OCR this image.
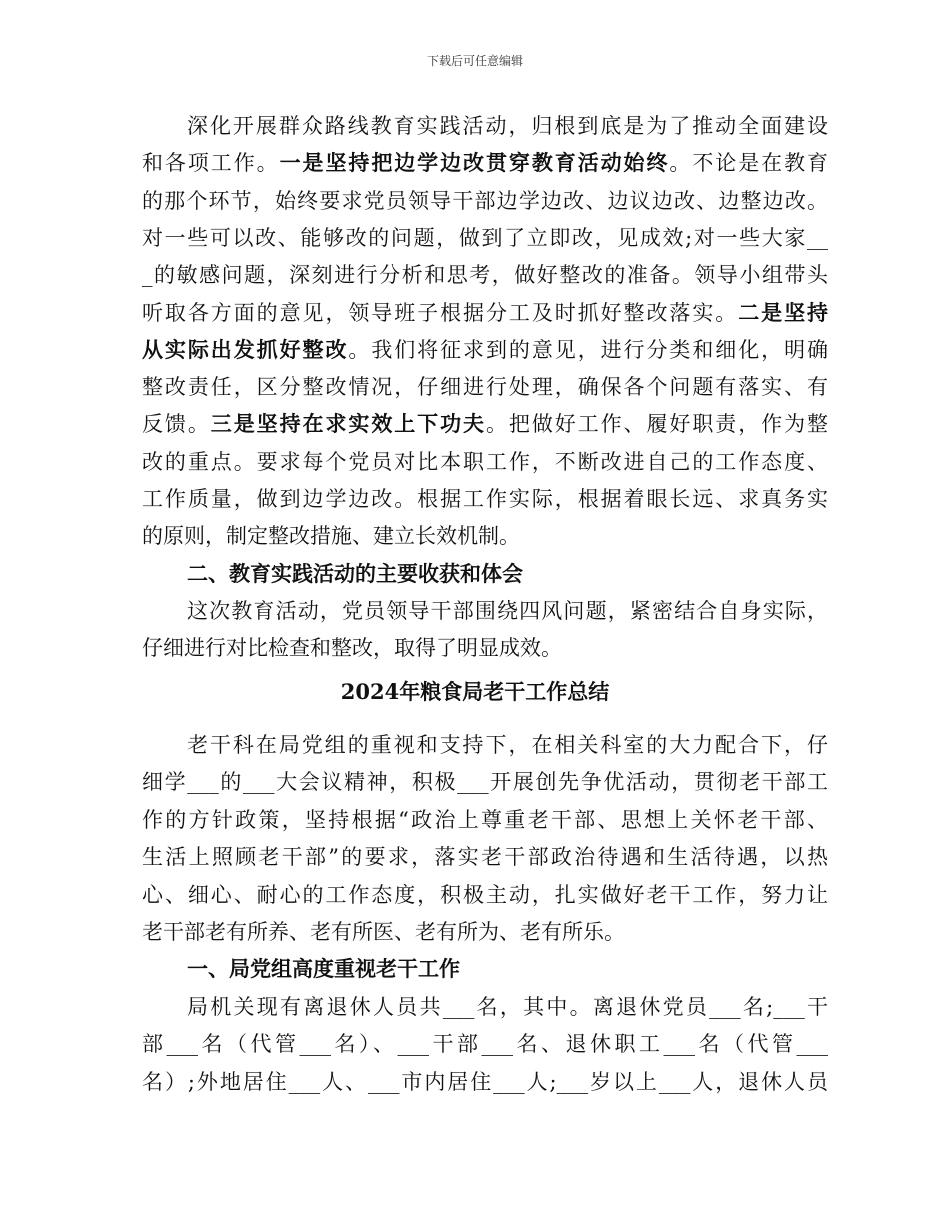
下载后可任意编辑
深化开展群众路线教育实践活动，归根到底是为了推动全面建设
和各项工作。一是坚持把边学边改贯穿教育活动始终。不论是在教育
的那个环节，始终要求党员领导干部边学边改、边议边改、边整边改。
对一些可以改、能够改的问题，做到了立即改，见成效;对一些大家__
_的敏感问题，深刻进行分析和思考，做好整改的准备。领导小组带头
听取各方面的意见，领导班子根据分工及时抓好整改落实。二是坚持
从实际出发抓好整改。我们将征求到的意见，进行分类和细化，明确
整改责任，区分整改情况，仔细进行处理，确保各个问题有落实、有
反馈。三是坚持在求实效上下功夫。把做好工作、履好职责，作为整
改的重点。要求每个党员对比本职工作，不断改进自己的工作态度、
工作质量，做到边学边改。根据工作实际，根据着眼长远、求真务实
的原则，制定整改措施、建立长效机制。
二、教育实践活动的主要收获和体会
这次教育活动，党员领导干部围绕四风问题，紧密结合自身实际，
仔细进行对比检查和整改，取得了明显成效。
2024年粮食局老干工作总结
老干科在局党组的重视和支持下，在相关科室的大力配合下，仔
细学___的___大会议精神，积极___开展创先争优活动，贯彻老干部工
作的方针政策，坚持根据“政治上尊重老干部、思想上关怀老干部、
生活上照顾老干部”的要求，落实老干部政治待遇和生活待遇，以热
心、细心、耐心的工作态度，积极主动，扎实做好老干工作，努力让
老干部老有所养、老有所医、老有所为、老有所乐。
一、局党组高度重视老干工作
局机关现有离退休人员共___名，其中。离退休党员___名;___干
部___名（代管___名）、___干部___名、退休职工___名（代管___
名）;外地居住___人、___市内居住___人;___岁以上___人，退休人员
